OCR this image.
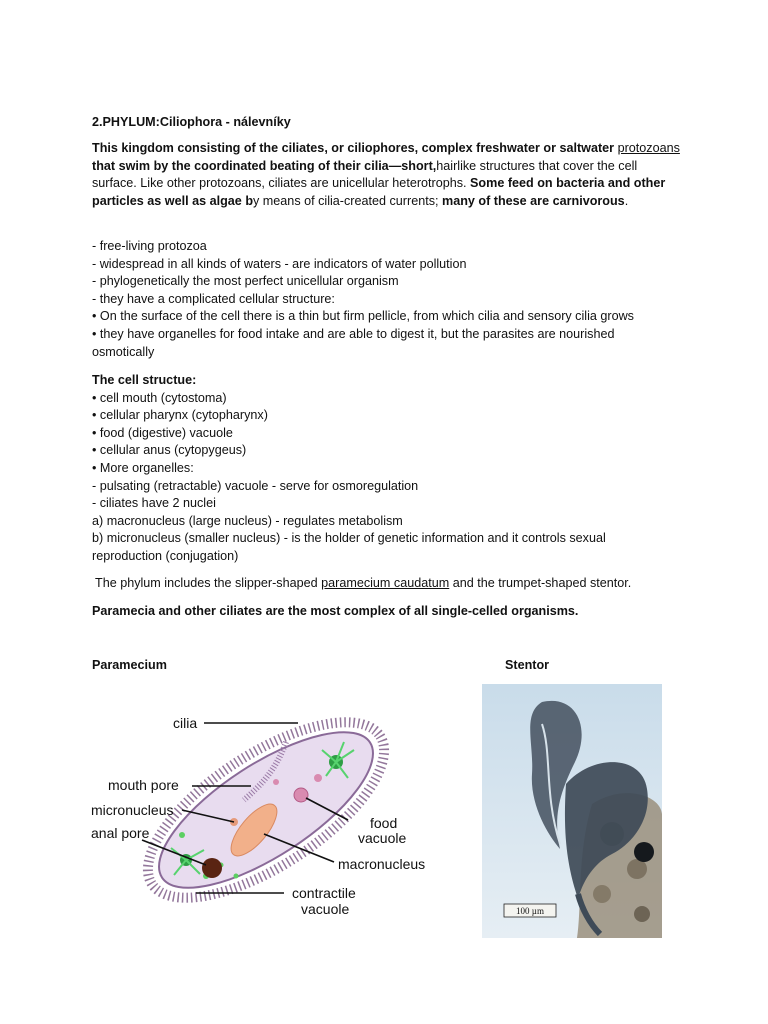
2.PHYLUM:Ciliophora - nálevníky
This kingdom consisting of the ciliates, or ciliophores, complex freshwater or saltwater protozoans that swim by the coordinated beating of their cilia—short,hairlike structures that cover the cell surface. Like other protozoans, ciliates are unicellular heterotrophs. Some feed on bacteria and other particles as well as algae by means of cilia-created currents; many of these are carnivorous.
- free-living protozoa
- widespread in all kinds of waters - are indicators of water pollution
- phylogenetically the most perfect unicellular organism
- they have a complicated cellular structure:
• On the surface of the cell there is a thin but firm pellicle, from which cilia and sensory cilia grows
• they have organelles for food intake and are able to digest it, but the parasites are nourished
osmotically
The cell structue:
• cell mouth (cytostoma)
• cellular pharynx (cytopharynx)
• food (digestive) vacuole
• cellular anus (cytopygeus)
• More organelles:
- pulsating (retractable) vacuole - serve for osmoregulation
- ciliates have 2 nuclei
a) macronucleus (large nucleus) - regulates metabolism
b) micronucleus (smaller nucleus) - is the holder of genetic information and it controls sexual
reproduction (conjugation)
The phylum includes the slipper-shaped paramecium caudatum and the trumpet-shaped stentor.
Paramecia and other ciliates are the most complex of all single-celled organisms.
Paramecium	Stentor
cilia
mouth pore
micronucleus
anal pore
food
vacuole
macronucleus
contractile
vacuole	100 µm
